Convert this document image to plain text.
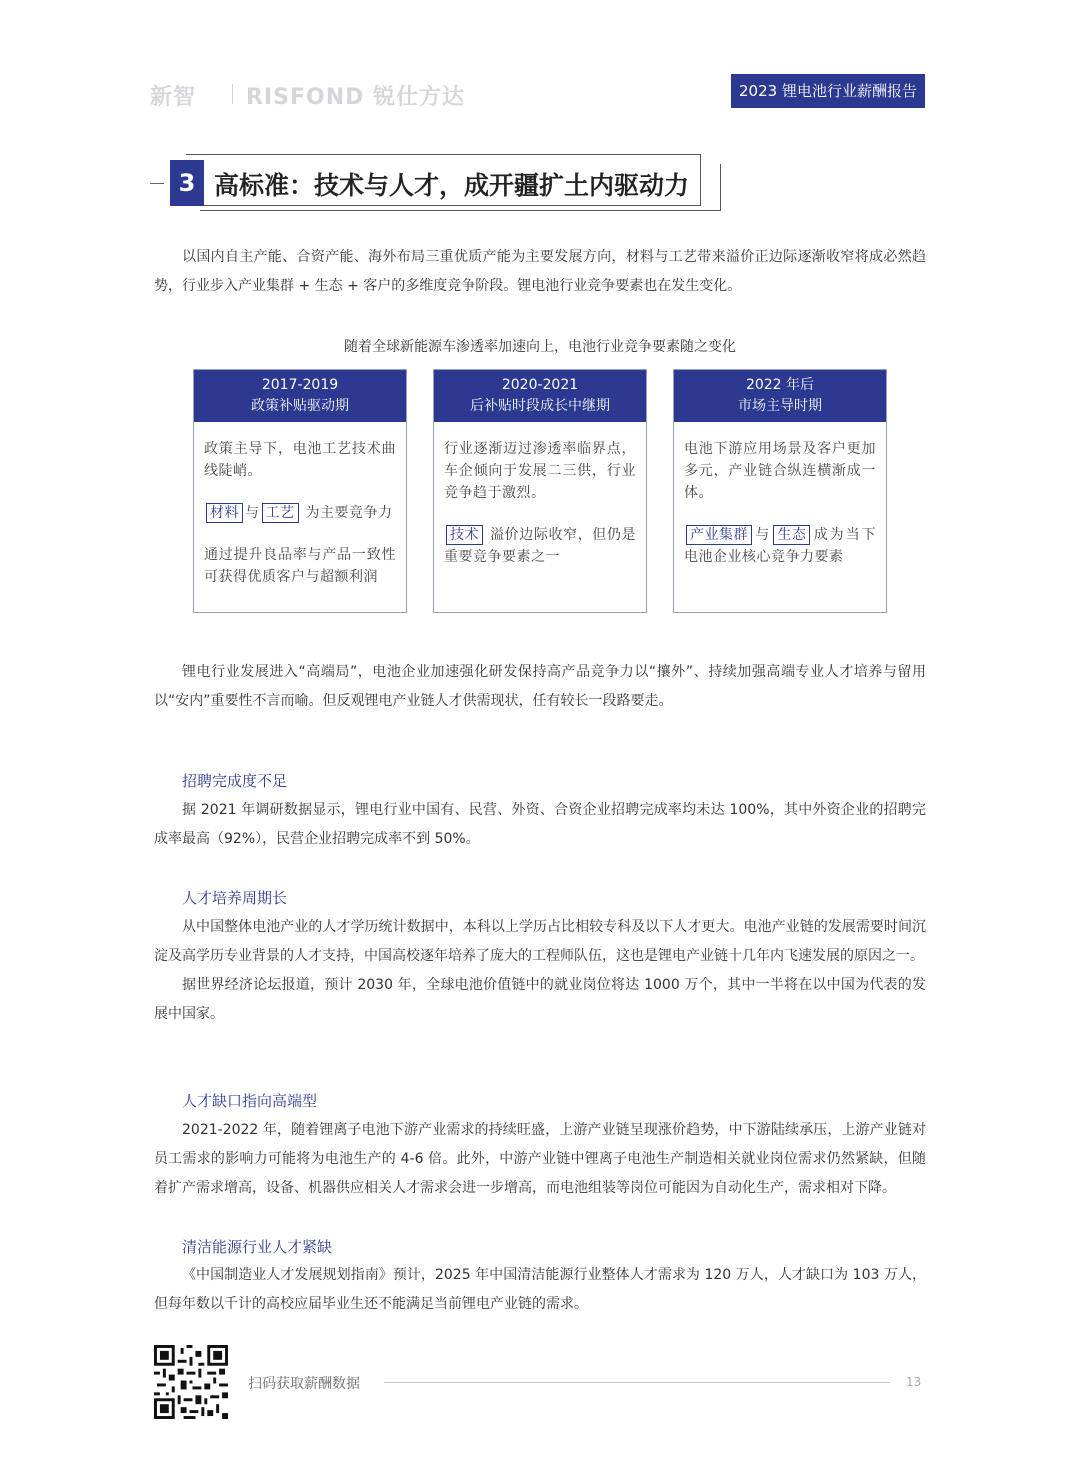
新智 RISFOND 锐仕方达	2023 锂电池行业薪酬报告
3 高标准：技术与人才，成开疆扩土内驱动力

以国内自主产能、合资产能、海外布局三重优质产能为主要发展方向，材料与工艺带来溢价正边际逐渐收窄将成必然趋势，行业步入产业集群 + 生态 + 客户的多维度竞争阶段。锂电池行业竞争要素也在发生变化。

随着全球新能源车渗透率加速向上，电池行业竞争要素随之变化
2017-2019
政策补贴驱动期
政策主导下，电池工艺技术曲线陡峭。
材料 与 工艺 为主要竞争力
通过提升良品率与产品一致性可获得优质客户与超额利润
2020-2021
后补贴时段成长中继期
行业逐渐迈过渗透率临界点，车企倾向于发展二三供，行业竞争趋于激烈。
技术 溢价边际收窄，但仍是重要竞争要素之一
2022 年后
市场主导时期
电池下游应用场景及客户更加多元，产业链合纵连横渐成一体。
产业集群 与 生态 成为当下电池企业核心竞争力要素

锂电行业发展进入“高端局”，电池企业加速强化研发保持高产品竞争力以“攘外”、持续加强高端专业人才培养与留用以“安内”重要性不言而喻。但反观锂电产业链人才供需现状，任有较长一段路要走。

招聘完成度不足

据 2021 年调研数据显示，锂电行业中国有、民营、外资、合资企业招聘完成率均未达 100%，其中外资企业的招聘完成率最高（92%），民营企业招聘完成率不到 50%。

人才培养周期长

从中国整体电池产业的人才学历统计数据中，本科以上学历占比相较专科及以下人才更大。电池产业链的发展需要时间沉淀及高学历专业背景的人才支持，中国高校逐年培养了庞大的工程师队伍，这也是锂电产业链十几年内飞速发展的原因之一。

据世界经济论坛报道，预计 2030 年，全球电池价值链中的就业岗位将达 1000 万个，其中一半将在以中国为代表的发展中国家。

人才缺口指向高端型

2021-2022 年，随着锂离子电池下游产业需求的持续旺盛，上游产业链呈现涨价趋势，中下游陆续承压，上游产业链对员工需求的影响力可能将为电池生产的 4-6 倍。此外，中游产业链中锂离子电池生产制造相关就业岗位需求仍然紧缺，但随着扩产需求增高，设备、机器供应相关人才需求会进一步增高，而电池组装等岗位可能因为自动化生产，需求相对下降。

清洁能源行业人才紧缺

《中国制造业人才发展规划指南》预计，2025 年中国清洁能源行业整体人才需求为 120 万人，人才缺口为 103 万人，但每年数以千计的高校应届毕业生还不能满足当前锂电产业链的需求。

扫码获取薪酬数据	13
